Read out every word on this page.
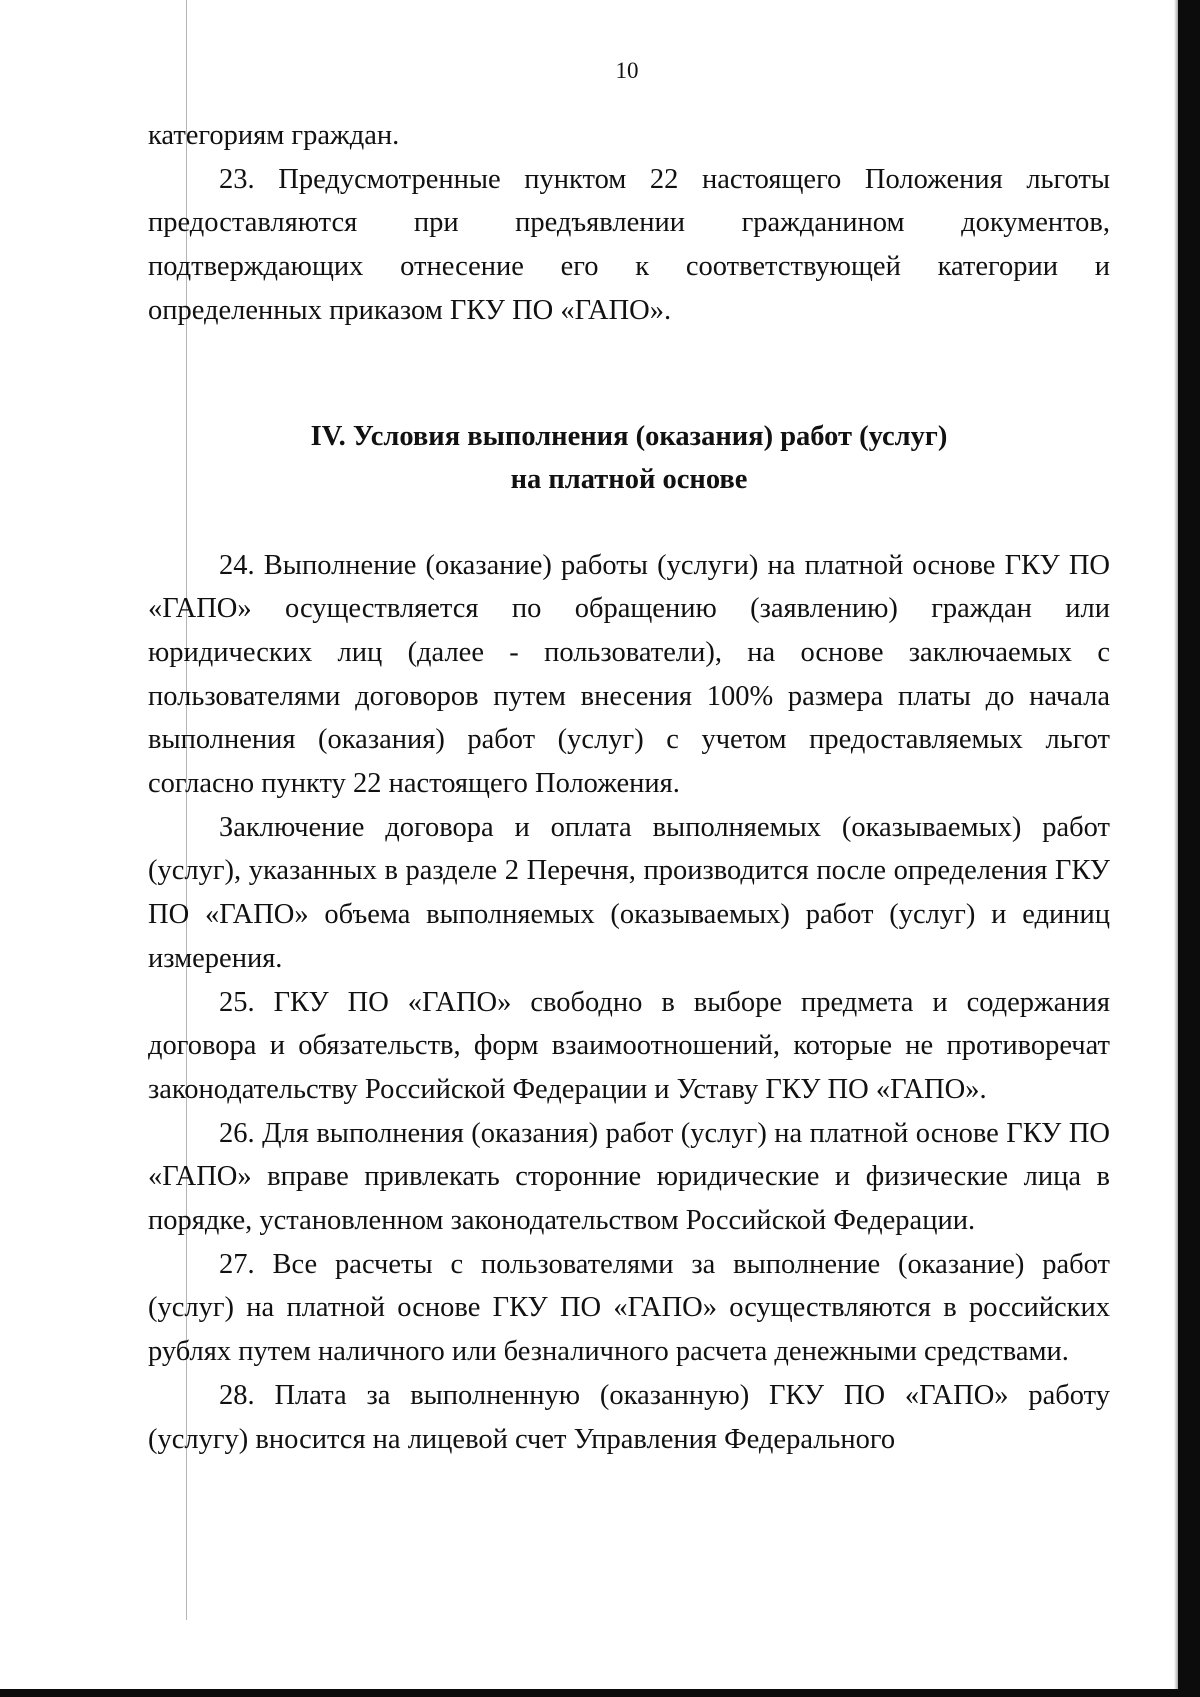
10

категориям граждан.

23. Предусмотренные пунктом 22 настоящего Положения льготы предоставляются при предъявлении гражданином документов, подтверждающих отнесение его к соответствующей категории и определенных приказом ГКУ ПО «ГАПО».

IV. Условия выполнения (оказания) работ (услуг)

на платной основе

24. Выполнение (оказание) работы (услуги) на платной основе ГКУ ПО «ГАПО» осуществляется по обращению (заявлению) граждан или юридических лиц (далее - пользователи), на основе заключаемых с пользователями договоров путем внесения 100% размера платы до начала выполнения (оказания) работ (услуг) с учетом предоставляемых льгот согласно пункту 22 настоящего Положения.

Заключение договора и оплата выполняемых (оказываемых) работ (услуг), указанных в разделе 2 Перечня, производится после определения ГКУ ПО «ГАПО» объема выполняемых (оказываемых) работ (услуг) и единиц измерения.

25. ГКУ ПО «ГАПО» свободно в выборе предмета и содержания договора и обязательств, форм взаимоотношений, которые не противоречат законодательству Российской Федерации и Уставу ГКУ ПО «ГАПО».

26. Для выполнения (оказания) работ (услуг) на платной основе ГКУ ПО «ГАПО» вправе привлекать сторонние юридические и физические лица в порядке, установленном законодательством Российской Федерации.

27. Все расчеты с пользователями за выполнение (оказание) работ (услуг) на платной основе ГКУ ПО «ГАПО» осуществляются в российских рублях путем наличного или безналичного расчета денежными средствами.

28. Плата за выполненную (оказанную) ГКУ ПО «ГАПО» работу (услугу) вносится на лицевой счет Управления Федерального
